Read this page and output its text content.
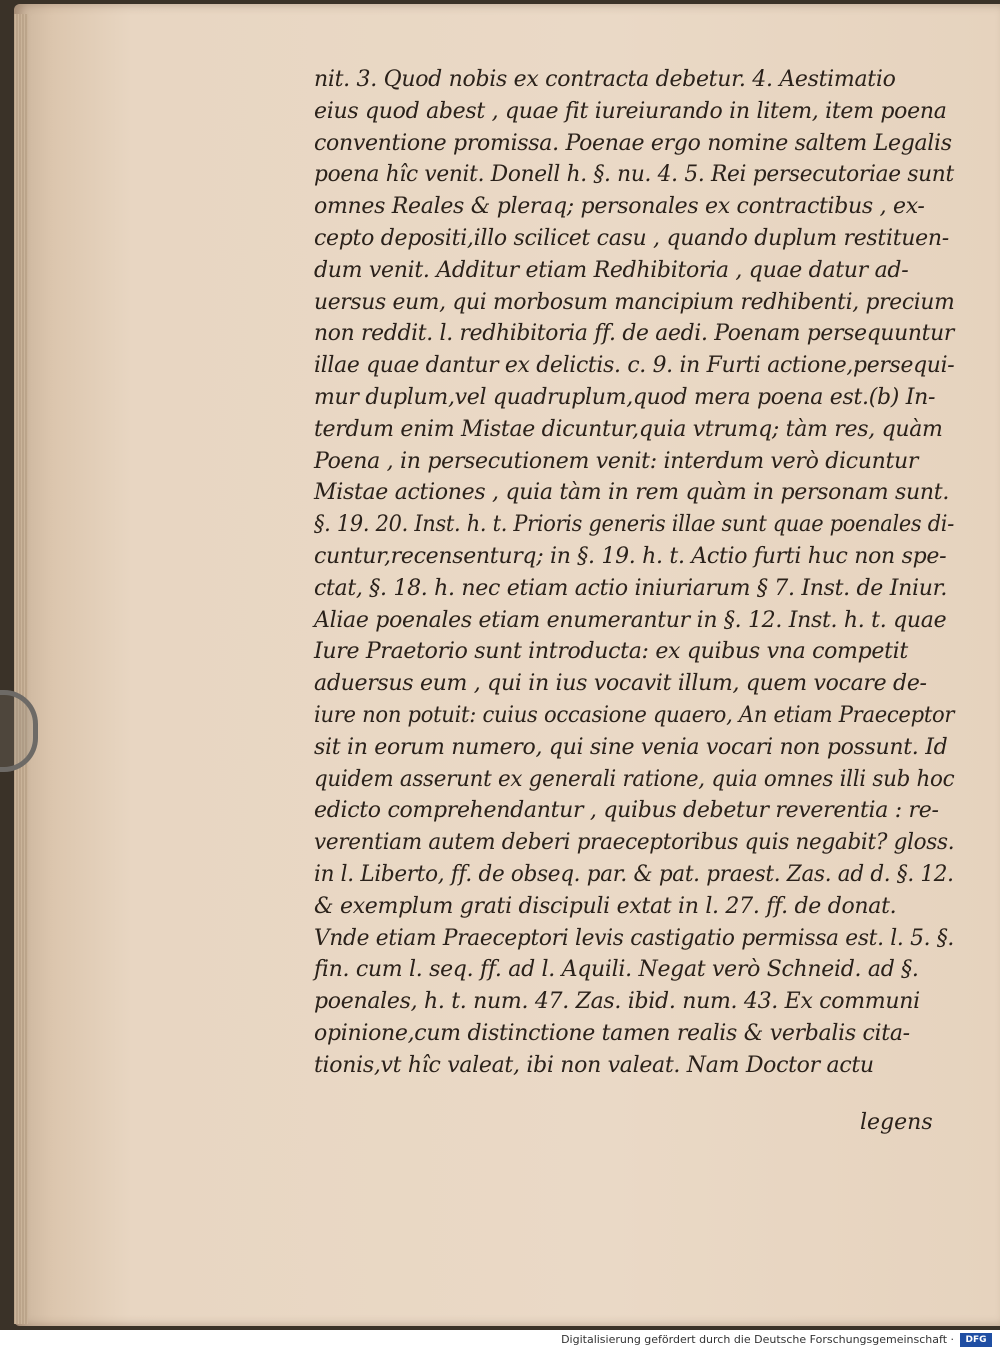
nit. 3. Quod nobis ex contracta debetur. 4. Aestimatio
eius quod abest , quae fit iureiurando in litem, item poena
conventione promissa. Poenae ergo nomine saltem Legalis
poena hîc venit. Donell h. §. nu. 4. 5. Rei persecutoriae sunt
omnes Reales & pleraq; personales ex contractibus , ex-
cepto depositi,illo scilicet casu , quando duplum restituen-
dum venit. Additur etiam Redhibitoria , quae datur ad-
uersus eum, qui morbosum mancipium redhibenti, precium
non reddit. l. redhibitoria ff. de aedi. Poenam persequuntur
illae quae dantur ex delictis. c. 9. in Furti actione,persequi-
mur duplum,vel quadruplum,quod mera poena est.(b) In-
terdum enim Mistae dicuntur,quia vtrumq; tàm res, quàm
Poena , in persecutionem venit: interdum verò dicuntur
Mistae actiones , quia tàm in rem quàm in personam sunt.
§. 19. 20. Inst. h. t. Prioris generis illae sunt quae poenales di-
cuntur,recensenturq; in §. 19. h. t. Actio furti huc non spe-
ctat, §. 18. h. nec etiam actio iniuriarum § 7. Inst. de Iniur.
Aliae poenales etiam enumerantur in §. 12. Inst. h. t. quae
Iure Praetorio sunt introducta: ex quibus vna competit
aduersus eum , qui in ius vocavit illum, quem vocare de-
iure non potuit: cuius occasione quaero, An etiam Praeceptor
sit in eorum numero, qui sine venia vocari non possunt. Id
quidem asserunt ex generali ratione, quia omnes illi sub hoc
edicto comprehendantur , quibus debetur reverentia : re-
verentiam autem deberi praeceptoribus quis negabit? gloss.
in l. Liberto, ff. de obseq. par. & pat. praest. Zas. ad d. §. 12.
& exemplum grati discipuli extat in l. 27. ff. de donat.
Vnde etiam Praeceptori levis castigatio permissa est. l. 5. §.
fin. cum l. seq. ff. ad l. Aquili. Negat verò Schneid. ad §.
poenales, h. t. num. 47. Zas. ibid. num. 43. Ex communi
opinione,cum distinctione tamen realis & verbalis cita-
tionis,vt hîc valeat, ibi non valeat. Nam Doctor actu
legens
Digitalisierung gefördert durch die Deutsche Forschungsgemeinschaft ·	DFG
